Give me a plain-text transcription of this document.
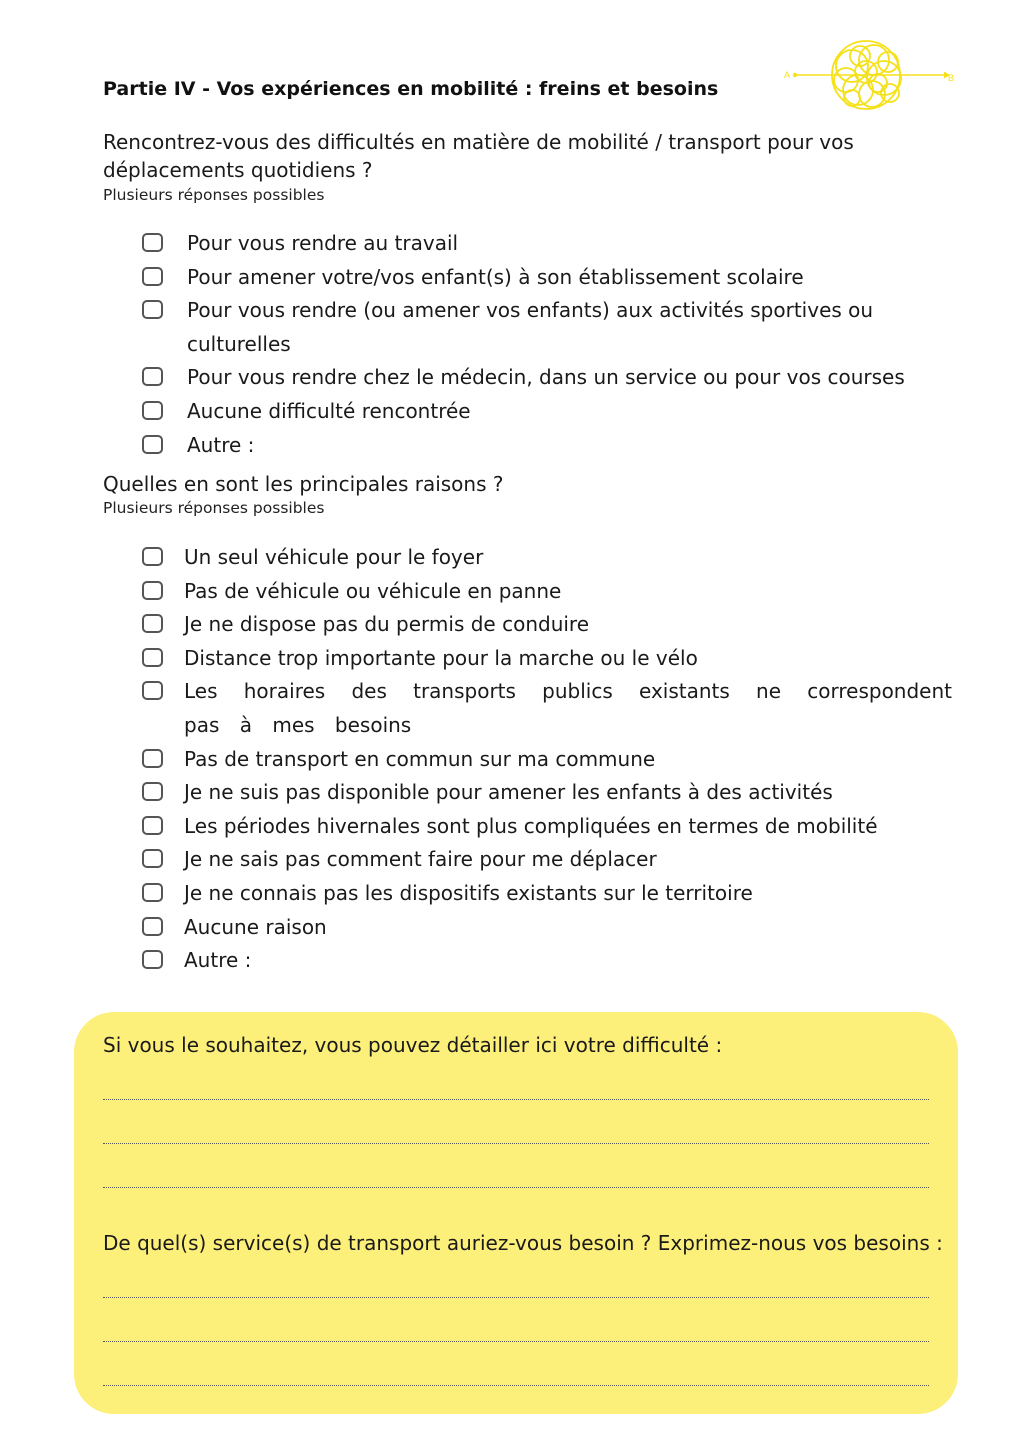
A	B
Partie IV - Vos expériences en mobilité : freins et besoins

Rencontrez-vous des difficultés en matière de mobilité / transport pour vos déplacements quotidiens ?

Plusieurs réponses possibles

Pour vous rendre au travail
Pour amener votre/vos enfant(s) à son établissement scolaire
Pour vous rendre (ou amener vos enfants) aux activités sportives ou culturelles
Pour vous rendre chez le médecin, dans un service ou pour vos courses
Aucune difficulté rencontrée
Autre :

Quelles en sont les principales raisons ?

Plusieurs réponses possibles

Un seul véhicule pour le foyer
Pas de véhicule ou véhicule en panne
Je ne dispose pas du permis de conduire
Distance trop importante pour la marche ou le vélo
Les horaires des transports publics existants ne correspondent pas à mes besoins
Pas de transport en commun sur ma commune
Je ne suis pas disponible pour amener les enfants à des activités
Les périodes hivernales sont plus compliquées en termes de mobilité
Je ne sais pas comment faire pour me déplacer
Je ne connais pas les dispositifs existants sur le territoire
Aucune raison
Autre :

Si vous le souhaitez, vous pouvez détailler ici votre difficulté :

De quel(s) service(s) de transport auriez-vous besoin ? Exprimez-nous vos besoins :
